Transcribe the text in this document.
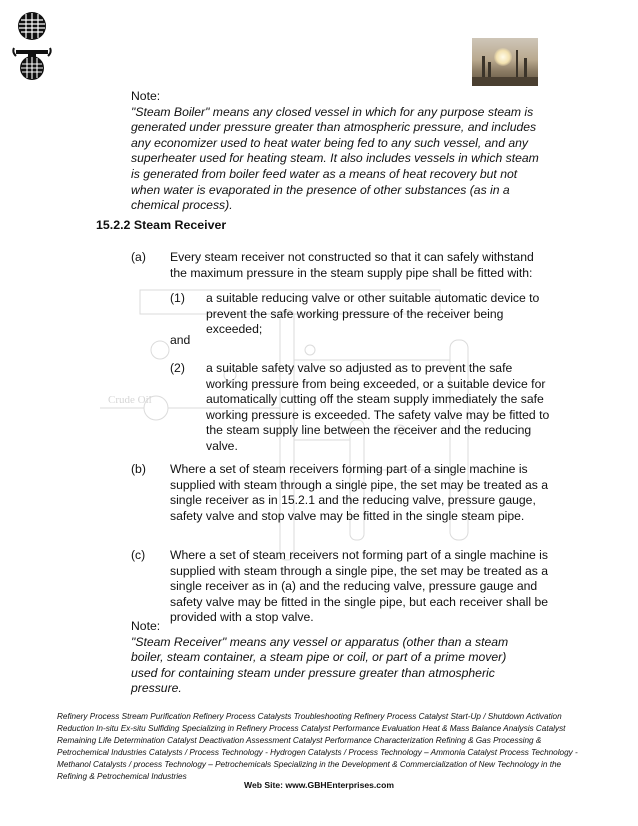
Crude Oil
Note:
"Steam Boiler" means any closed vessel in which for any purpose steam is generated under pressure greater than atmospheric pressure, and includes any economizer used to heat water being fed to any such vessel, and any superheater used for heating steam. It also includes vessels in which steam is generated from boiler feed water as a means of heat recovery but not when water is evaporated in the presence of other substances (as in a chemical process).
15.2.2 Steam Receiver
(a) Every steam receiver not constructed so that it can safely withstand the maximum pressure in the steam supply pipe shall be fitted with:
(1) a suitable reducing valve or other suitable automatic device to prevent the safe working pressure of the receiver being exceeded;
and
(2) a suitable safety valve so adjusted as to prevent the safe working pressure from being exceeded, or a suitable device for automatically cutting off the steam supply immediately the safe working pressure is exceeded. The safety valve may be fitted to the steam supply line between the receiver and the reducing valve.
(b) Where a set of steam receivers forming part of a single machine is supplied with steam through a single pipe, the set may be treated as a single receiver as in 15.2.1 and the reducing valve, pressure gauge, safety valve and stop valve may be fitted in the single steam pipe.
(c) Where a set of steam receivers not forming part of a single machine is supplied with steam through a single pipe, the set may be treated as a single receiver as in (a) and the reducing valve, pressure gauge and safety valve may be fitted in the single pipe, but each receiver shall be provided with a stop valve.
Note:
"Steam Receiver" means any vessel or apparatus (other than a steam boiler, steam container, a steam pipe or coil, or part of a prime mover) used for containing steam under pressure greater than atmospheric pressure.
Refinery Process Stream Purification Refinery Process Catalysts Troubleshooting Refinery Process Catalyst Start-Up / Shutdown Activation Reduction In-situ Ex-situ Sulfiding Specializing in Refinery Process Catalyst Performance Evaluation Heat & Mass Balance Analysis Catalyst Remaining Life Determination Catalyst Deactivation Assessment Catalyst Performance Characterization Refining & Gas Processing & Petrochemical Industries Catalysts / Process Technology - Hydrogen Catalysts / Process Technology – Ammonia Catalyst Process Technology - Methanol Catalysts / process Technology – Petrochemicals Specializing in the Development & Commercialization of New Technology in the Refining & Petrochemical Industries
Web Site: www.GBHEnterprises.com
